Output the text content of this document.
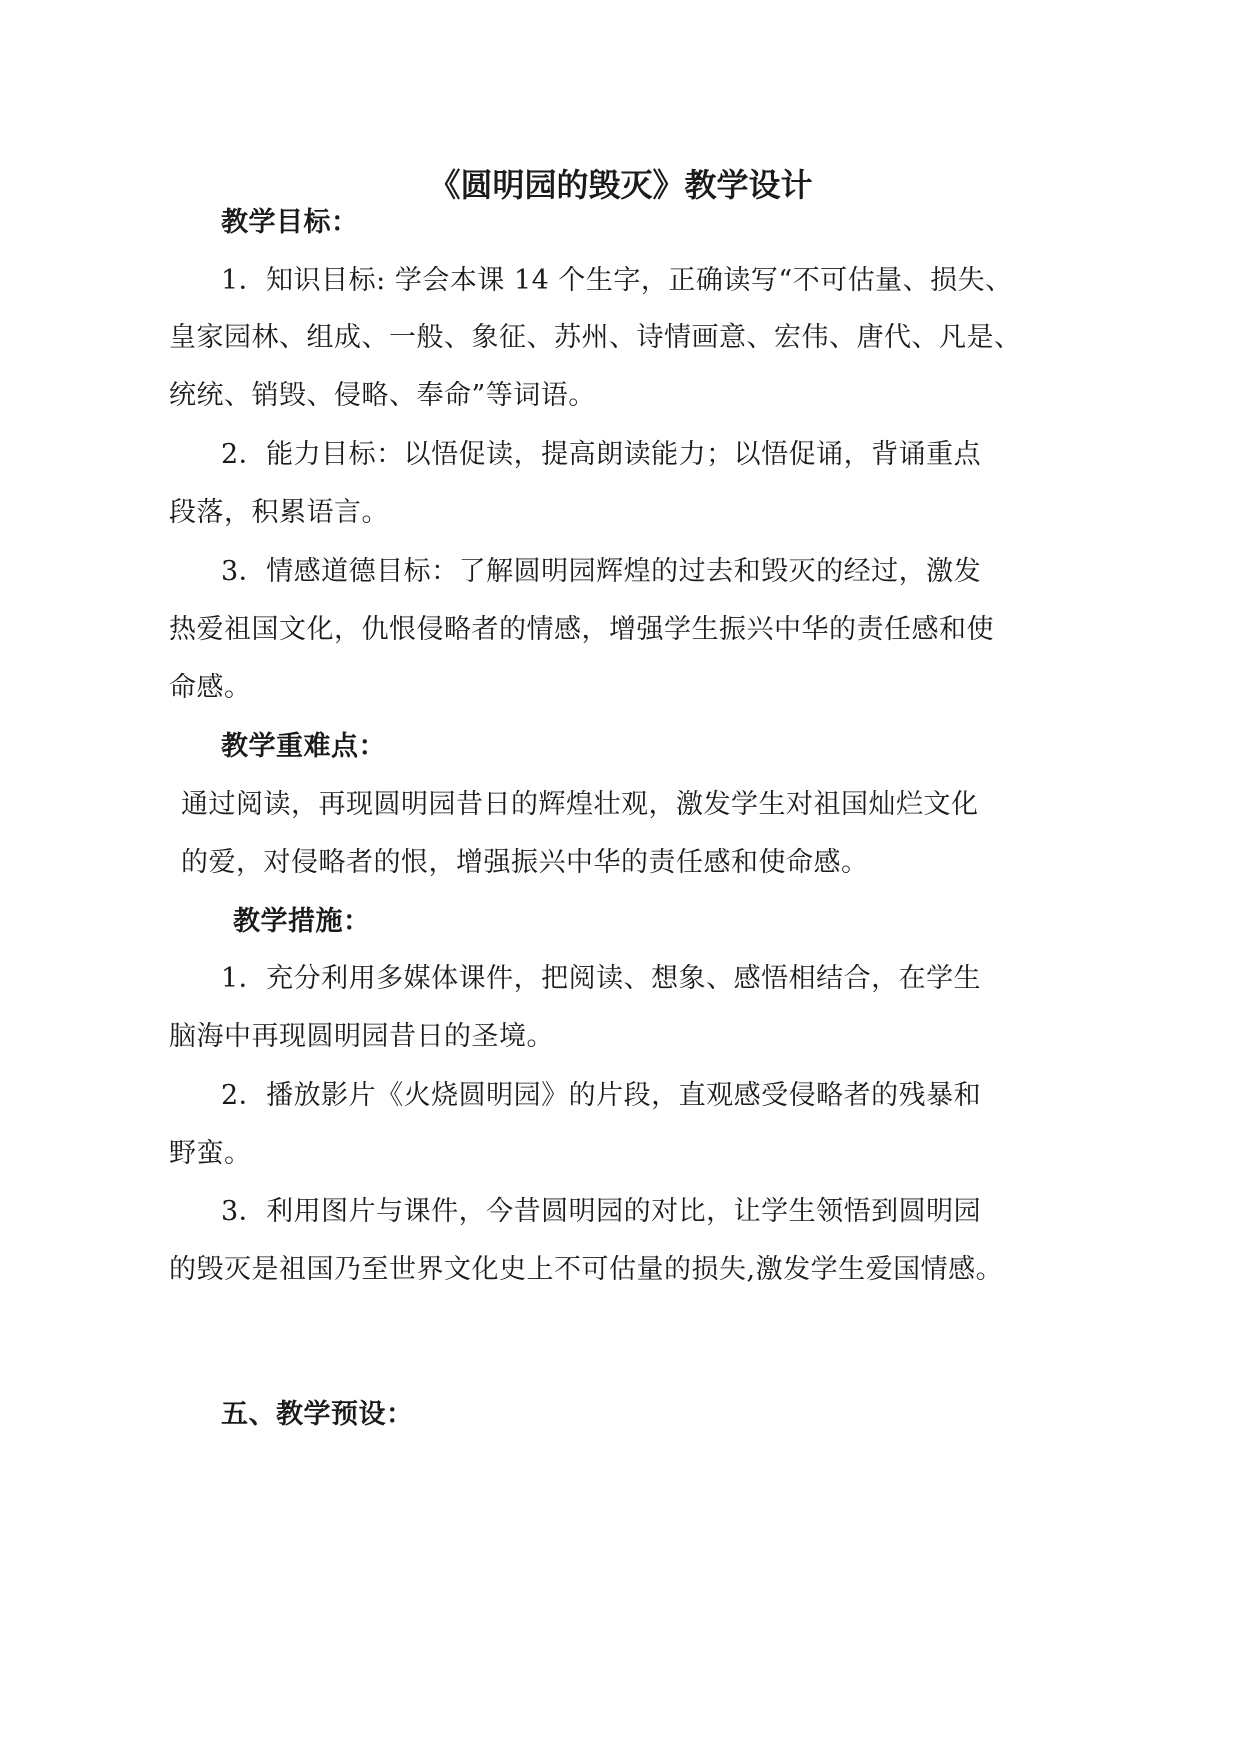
《圆明园的毁灭》教学设计
教学目标：
1．知识目标: 学会本课 14 个生字，正确读写“不可估量、损失、
皇家园林、组成、一般、象征、苏州、诗情画意、宏伟、唐代、凡是、
统统、销毁、侵略、奉命”等词语。
2．能力目标：以悟促读，提高朗读能力；以悟促诵，背诵重点
段落，积累语言。
3．情感道德目标：了解圆明园辉煌的过去和毁灭的经过，激发
热爱祖国文化，仇恨侵略者的情感，增强学生振兴中华的责任感和使
命感。
教学重难点：
通过阅读，再现圆明园昔日的辉煌壮观，激发学生对祖国灿烂文化
的爱，对侵略者的恨，增强振兴中华的责任感和使命感。
教学措施：
1．充分利用多媒体课件，把阅读、想象、感悟相结合，在学生
脑海中再现圆明园昔日的圣境。
2．播放影片《火烧圆明园》的片段，直观感受侵略者的残暴和
野蛮。
3．利用图片与课件，今昔圆明园的对比，让学生领悟到圆明园
的毁灭是祖国乃至世界文化史上不可估量的损失,激发学生爱国情感。
五、教学预设：
